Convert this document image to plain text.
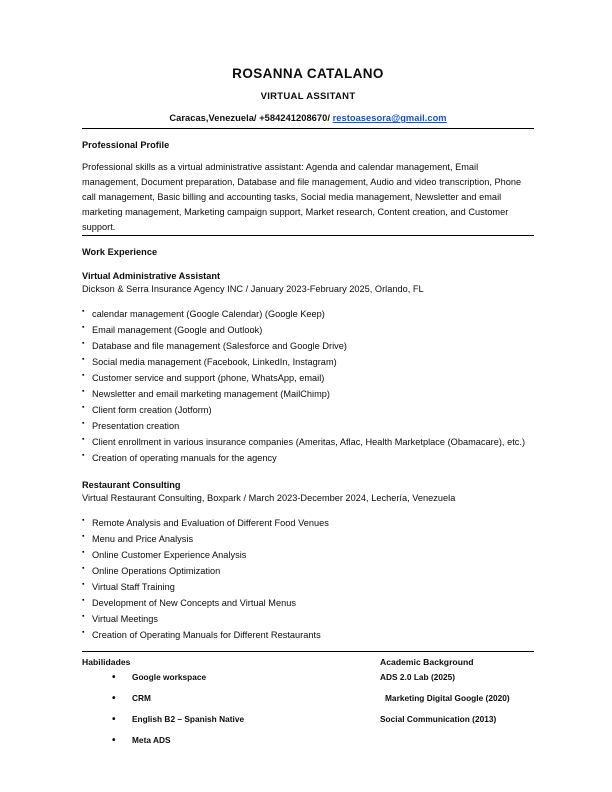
ROSANNA CATALANO
VIRTUAL ASSITANT
Caracas,Venezuela/ +584241208670/ restoasesora@gmail.com
Professional Profile

Professional skills as a virtual administrative assistant: Agenda and calendar management, Email management, Document preparation, Database and file management, Audio and video transcription, Phone call management, Basic billing and accounting tasks, Social media management, Newsletter and email marketing management, Marketing campaign support, Market research, Content creation, and Customer support.

Work Experience
Virtual Administrative Assistant
Dickson & Serra Insurance Agency INC / January 2023-February 2025, Orlando, FL
▪ calendar management (Google Calendar) (Google Keep)
▪ Email management (Google and Outlook)
▪ Database and file management (Salesforce and Google Drive)
▪ Social media management (Facebook, LinkedIn, Instagram)
▪ Customer service and support (phone, WhatsApp, email)
▪ Newsletter and email marketing management (MailChimp)
▪ Client form creation (Jotform)
▪ Presentation creation
▪ Client enrollment in various insurance companies (Ameritas, Aflac, Health Marketplace (Obamacare), etc.)
▪ Creation of operating manuals for the agency
Restaurant Consulting
Virtual Restaurant Consulting, Boxpark / March 2023-December 2024, Lechería, Venezuela
▪ Remote Analysis and Evaluation of Different Food Venues
▪ Menu and Price Analysis
▪ Online Customer Experience Analysis
▪ Online Operations Optimization
▪ Virtual Staff Training
▪ Development of New Concepts and Virtual Menus
▪ Virtual Meetings
▪ Creation of Operating Manuals for Different Restaurants
Habilidades
• Google workspace
• CRM
• English B2 – Spanish Native
• Meta ADS
Academic Background
ADS 2.0 Lab (2025)
Marketing Digital Google (2020)
Social Communication (2013)
